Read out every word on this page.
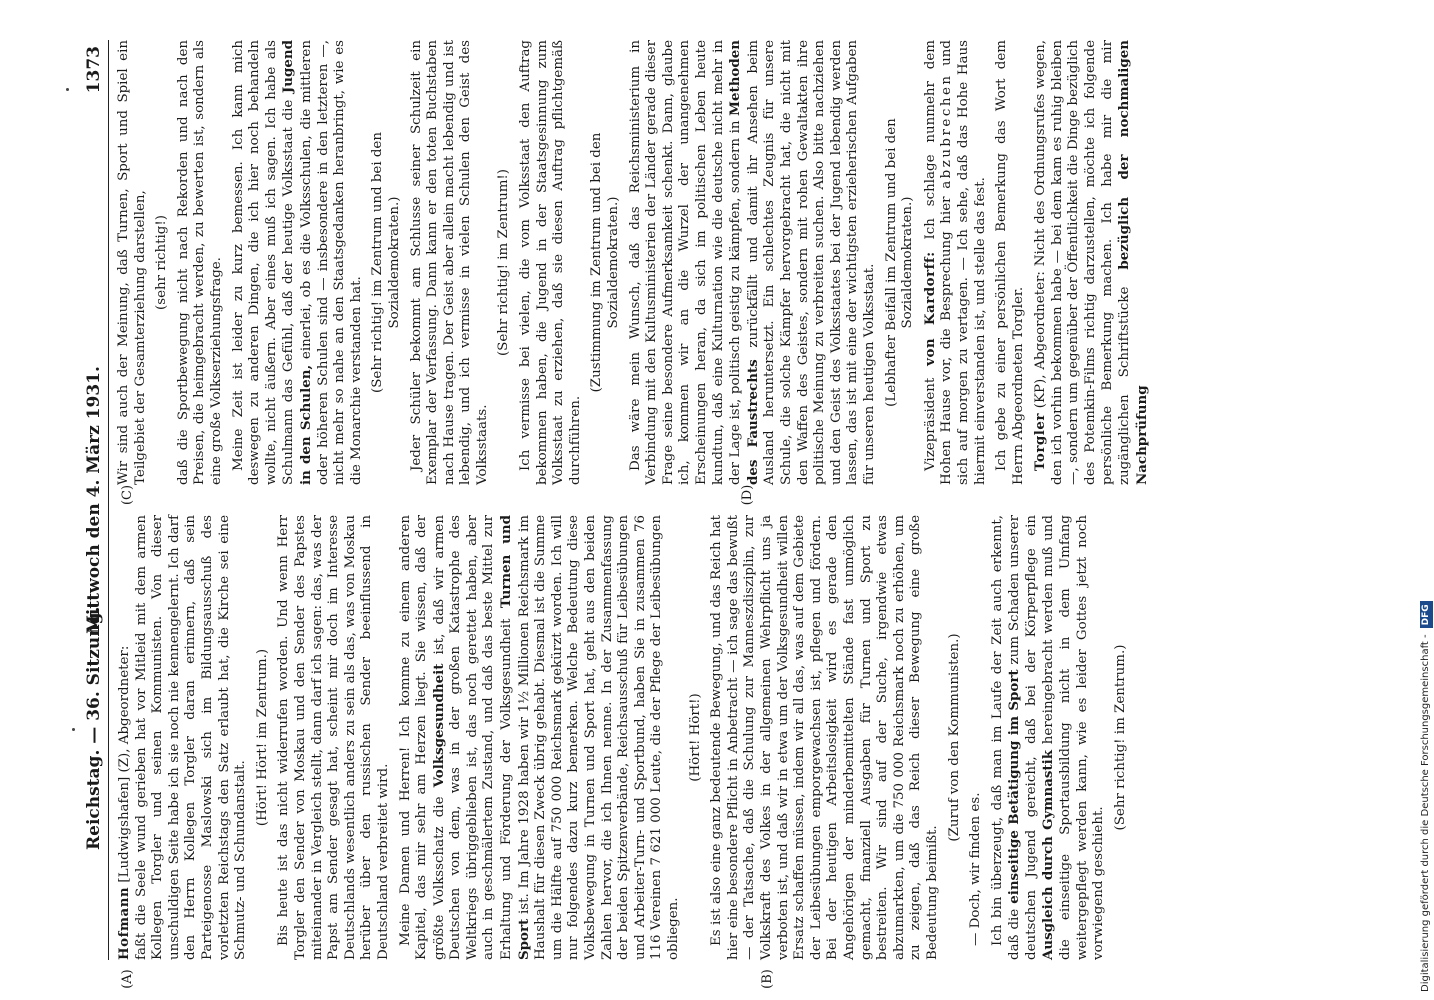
Reichstag. — 36. Sitzung.
Mittwoch den 4. März 1931.
1373
(A)	(B)
(C)	(D)

Hofmann [Ludwigshafen] (Z), Abgeordneter: faßt die Seele wund gerieben hat vor Mitleid mit dem armen Kollegen Torgler und seinen Kommunisten. Von dieser unschuldigen Seite habe ich sie noch nie kennengelernt. Ich darf den Herrn Kollegen Torgler daran erinnern, daß sein Parteigenosse Maslowski sich im Bildungsausschuß des vorletzten Reichstags den Satz erlaubt hat, die Kirche sei eine Schmutz- und Schundanstalt.

(Hört! Hört! im Zentrum.) Bis heute ist das nicht widerrufen worden. Und wenn Herr Torgler den Sender von Moskau und den Sender des Papstes miteinander in Vergleich stellt, dann darf ich sagen: das, was der Papst am Sender gesagt hat, scheint mir doch im Interesse Deutschlands wesentlich anders zu sein als das, was von Moskau herüber über den russischen Sender beeinflussend in Deutschland verbreitet wird. Meine Damen und Herren! Ich komme zu einem anderen Kapitel, das mir sehr am Herzen liegt. Sie wissen, daß der größte Volksschatz die Volksgesundheit ist, daß wir armen Deutschen von dem, was in der großen Katastrophe des Weltkriegs übriggeblieben ist, das noch gerettet haben, aber auch in geschmälertem Zustand, und daß das beste Mittel zur Erhaltung und Förderung der Volksgesundheit Turnen und Sport ist. Im Jahre 1928 haben wir 1½ Millionen Reichsmark im Haushalt für diesen Zweck übrig gehabt. Diesmal ist die Summe um die Hälfte auf 750 000 Reichsmark gekürzt worden. Ich will nur folgendes dazu kurz bemerken. Welche Bedeutung diese Volksbewegung in Turnen und Sport hat, geht aus den beiden Zahlen hervor, die ich Ihnen nenne. In der Zusammenfassung der beiden Spitzenverbände, Reichsausschuß für Leibesübungen und Arbeiter-Turn- und Sportbund, haben Sie in zusammen 76 116 Vereinen 7 621 000 Leute, die der Pflege der Leibesübungen obliegen.

(Hört! Hört!) Es ist also eine ganz bedeutende Bewegung, und das Reich hat hier eine besondere Pflicht in Anbetracht — ich sage das bewußt — der Tatsache, daß die Schulung zur Manneszdisziplin, zur Volkskraft des Volkes in der allgemeinen Wehrpflicht uns ja verboten ist, und daß wir in etwa um der Volksgesundheit willen Ersatz schaffen müssen, indem wir all das, was auf dem Gebiete der Leibesübungen emporgewachsen ist, pflegen und fördern. Bei der heutigen Arbeitslosigkeit wird es gerade den Angehörigen der minderbemittelten Stände fast unmöglich gemacht, finanziell Ausgaben für Turnen und Sport zu bestreiten. Wir sind auf der Suche, irgendwie etwas abzumarkten, um die 750 000 Reichsmark noch zu erhöhen, um zu zeigen, daß das Reich dieser Bewegung eine große Bedeutung beimißt.

(Zuruf von den Kommunisten.)

— Doch, wir finden es. Ich bin überzeugt, daß man im Laufe der Zeit auch erkennt, daß die einseitige Betätigung im Sport zum Schaden unserer deutschen Jugend gereicht, daß bei der Körperpflege ein Ausgleich durch Gymnastik hereingebracht werden muß und die einseitige Sportausbildung nicht in dem Umfang weitergepflegt werden kann, wie es leider Gottes jetzt noch vorwiegend geschieht.

(Sehr richtig! im Zentrum.)

Wir sind auch der Meinung, daß Turnen, Sport und Spiel ein Teilgebiet der Gesamterziehung darstellen, (sehr richtig!) daß die Sportbewegung nicht nach Rekorden und nach den Preisen, die heimgebracht werden, zu bewerten ist, sondern als eine große Volkserziehungsfrage. Meine Zeit ist leider zu kurz bemessen. Ich kann mich deswegen zu anderen Dingen, die ich hier noch behandeln wollte, nicht äußern. Aber eines muß ich sagen. Ich habe als Schulmann das Gefühl, daß der heutige Volksstaat die Jugend in den Schulen, einerlei, ob es die Volksschulen, die mittleren oder höheren Schulen sind — insbesondere in den letzteren —, nicht mehr so nahe an den Staatsgedanken heranbringt, wie es die Monarchie verstanden hat. (Sehr richtig! im Zentrum und bei den Sozialdemokraten.) Jeder Schüler bekommt am Schlusse seiner Schulzeit ein Exemplar der Verfassung. Dann kann er den toten Buchstaben nach Hause tragen. Der Geist aber allein macht lebendig und ist lebendig, und ich vermisse in vielen Schulen den Geist des Volksstaats.

(Sehr richtig! im Zentrum!) Ich vermisse bei vielen, die vom Volksstaat den Auftrag bekommen haben, die Jugend in der Staatsgesinnung zum Volksstaat zu erziehen, daß sie diesen Auftrag pflichtgemäß durchführen.

(Zustimmung im Zentrum und bei den Sozialdemokraten.) Das wäre mein Wunsch, daß das Reichsministerium in Verbindung mit den Kultusministerien der Länder gerade dieser Frage seine besondere Aufmerksamkeit schenkt. Dann, glaube ich, kommen wir an die Wurzel der unangenehmen Erscheinungen heran, da sich im politischen Leben heute kundtun, daß eine Kulturnation wie die deutsche nicht mehr in der Lage ist, politisch geistig zu kämpfen, sondern in Methoden des Faustrechts zurückfällt und damit ihr Ansehen beim Ausland heruntersetzt. Ein schlechtes Zeugnis für unsere Schule, die solche Kämpfer hervorgebracht hat, die nicht mit den Waffen des Geistes, sondern mit rohen Gewaltakten ihre politische Meinung zu verbreiten suchen. Also bitte nachziehen und den Geist des Volksstaates bei der Jugend lebendig werden lassen, das ist mit eine der wichtigsten erzieherischen Aufgaben für unseren heutigen Volksstaat. (Lebhafter Beifall im Zentrum und bei den Sozialdemokraten.)

Vizepräsident von Kardorff: Ich schlage nunmehr dem Hohen Hause vor, die Besprechung hier abzubrechen und sich auf morgen zu vertagen. — Ich sehe, daß das Hohe Haus hiermit einverstanden ist, und stelle das fest. Ich gebe zu einer persönlichen Bemerkung das Wort dem Herrn Abgeordneten Torgler. Torgler (KP), Abgeordneter: Nicht des Ordnungsrufes wegen, den ich vorhin bekommen habe — bei dem kam es ruhig bleiben —, sondern um gegenüber der Öffentlichkeit die Dinge bezüglich des Potemkin-Films richtig darzustellen, möchte ich folgende persönliche Bemerkung machen. Ich habe mir die mir zugänglichen Schriftstücke bezüglich der nochmaligen Nachprüfung

Digitalisierung gefördert durch die Deutsche Forschungsgemeinschaft -DFG
